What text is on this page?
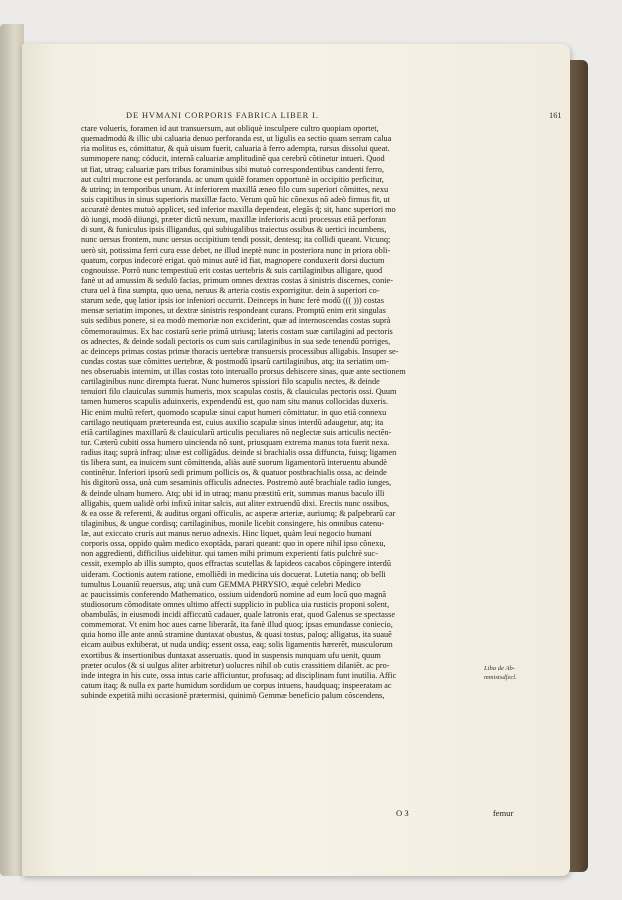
DE HVMANI CORPORIS FABRICA LIBER I.	161
ctare volueris, foramen id aut transuersum, aut obliquè insculpere cultro quopiam oportet,
quemadmodú & illic ubi caluaria denuo perforanda est, ut ligulis ea sectio quam serram calua
ria molitus es, cómittatur, & quà uisum fuerit, caluaria à ferro adempta, rursus dissolui queat.
summopere nanq; códucit, internã caluariæ amplitudinẽ qua cerebrũ cõtinetur intueri. Quod
ut fiat, utraq; caluariæ pars tribus foraminibus sibi mutuò correspondentibus candenti ferro,
aut cultri mucrone est perforanda. ac unum quidẽ foramen opportunè in occipitio perficitur,
& utrinq; in temporibus unum. At inferiorem maxillã æneo filo cum superiori cõmittes, nexu
suis capitibus in sinus superioris maxillæ facto. Verum quũ hic cõnexus nõ adeò firmus fit, ut
accuratè dentes mutuò applicet, sed inferior maxilla dependeat, elegãs q̃; sit, hanc superiori mo
dò iungi, modò diiungi, præter dictũ nexum, maxillæ inferioris acuti processus etiã perforan
di sunt, & funiculus ipsis illigandus, qui subiugalibus traiectus ossibus & uertici incumbens,
nunc uersus frontem, nunc uersus occipitium tendi possit, dentesq; ita collidi queant. Vtcunq;
uerò sit, potissima ferri cura esse debet, ne illud ineptè nunc in posteriora nunc in priora obli-
quatum, corpus indecorè erigat. quò minus autẽ id fiat, magnopere conduxerit dorsi ductum
cognouisse. Porrò nunc tempestiuũ erit costas uertebris & suis cartilaginibus alligare, quod
fanè ut ad amussim & sedulò facias, primum omnes dextras costas à sinistris discernes, conie-
ctura uel à fina sumpta, quo uena, neruus & arteria costis exporrigitur. dein à superiori co-
starum sede, quę latior ipsis ior infeniori occurrit. Deinceps in hunc ferè modũ ((( ))) costas
mensæ seriatim impones, ut dextræ sinistris respondeant curans. Promptũ enim erit singulas
suis sedibus ponere, si ea modò memoriæ non exciderint, quæ ad internoscendas costas suprà
cõmemorauimus. Ex hac costarũ serie primã utriusq; lateris costam suæ cartilagini ad pectoris
os adnectes, & deinde sodali pectoris os cum suis cartilaginibus in sua sede tenendũ porriges,
ac deinceps primas costas primæ thoracis uertebræ transuersis processibus alligabis. Insuper se-
cundas costas suæ cõmittes uertebræ, & postmodũ ipsarũ cartilaginibus, atq; ita seriatim om-
nes obseruabis internim, ut illas costas toto interuallo prorsus dehiscere sinas, quæ ante sectionem
cartilaginibus nunc dirempta fuerat. Nunc humeros spissiori filo scapulis nectes, & deinde
tenuiori filo clauiculas summis humeris, mox scapulas costis, & clauiculas pectoris ossi. Quum
tamen humeros scapulis aduinxeris, expendendũ est, quo nam situ manus collocidas duxeris.
Hic enim multũ refert, quomodo scapulæ sinui caput humeri cõmittatur. in quo etiã connexu
cartilago neutiquam prætereunda est, cuius auxilio scapulæ sinus interdũ adaugetur, atq; ita
etiã cartilagines maxillarũ & clauicularũ articulis peculiares nõ neglectæ suis articulis nectẽn-
tur. Cæterũ cubiti ossa humero uincienda nõ sunt, priusquam extrema manus tota fuerit nexa.
radius itaq; suprà infraq; ulnæ est colligãdus. deinde si brachialis ossa diffuncta, fuisq; ligamen
tis libera sunt, ea inuicem sunt cõmittenda, aliàs autẽ suorum ligamentorũ interuentu abundè
continẽtur. Inferiori ipsorũ sedi primum pollicis os, & quatuor postbrachialis ossa, ac deinde
his digitorũ ossa, unà cum sesaminis officulis adnectes. Postremò autẽ brachiale radio iunges,
& deinde ulnam humero. Atq; ubi id in utraq; manu præstitũ erit, summas manus baculo illi
alligabis, quem ualidè orbi infixũ initar salcis, aut aliter extruendũ dixi. Erectis nunc ossibus,
& ea osse & referenti, & auditus organi officulis, ac asperæ arteriæ, auriumq; & palpebrarũ car
tilaginibus, & ungue cordisq; cartilaginibus, monile licebit consingere, his omnibus catenu-
læ, aut exiccato cruris aut manus neruo adnexis. Hinc liquet, quàm leui negocio humani
corporis ossa, oppido quàm medico exoptãda, parari queant: quo in opere nihil ipso cõnexu,
non aggredienti, difficilius uidebitur. qui tamen mihi primum experienti fatis pulchrè suc-
cessit, exemplo ab illis sumpto, quos effractas scutellas & lapideos cacabos cõpingere interdũ
uideram. Coctionis autem ratione, emolliẽdi in medicina uis docuerat. Lutetia nanq; ob belli
tumultus Louaniũ reuersus, atq; unà cum GEMMA PHRYSIO, æquè celebri Medico
ac paucissimis conferendo Mathematico, ossium uidendorũ nomine ad eum locũ quo magnã
studiosorum cõmoditate omnes ultimo affecti supplicio in publica uia rusticis proponi solent,
obambulãs, in eiusmodi incidi afficcatũ cadauer, quale latronis erat, quod Galenus se spectasse
commemorat. Vt enim hoc aues carne liberarãt, ita fanè illud quoq; ipsas emundasse coniecio,
quia homo ille ante annũ stramine duntaxat obustus, & quasi tostus, paloq; alligatus, ita suauẽ
eicam auibus exhiberat, ut nuda undiq; essent ossa, eaq; solis ligamentis hærerẽt, musculorum
exortibus & insertionibus duntaxat asseruatis. quod in suspensis nunquam ufu uenit, quum
præter oculos (& si uulgus aliter arbitretur) uolucres nihil ob cutis crassitiem dilaniẽt. ac pro-
inde integra in his cute, ossa intus carie afficiuntur, profusaq; ad disciplinam funt inutilia. Affic
catum itaq; & nulla ex parte humidum sordidum ue corpus intuens, haudquaq; inspeeratam ac
subinde expetitã mihi occasionẽ prætermisi, quinimò Gemmæ beneficio palum cõscendens,
Liba de Ab-
mmistsdſecl.
O 3	femur
